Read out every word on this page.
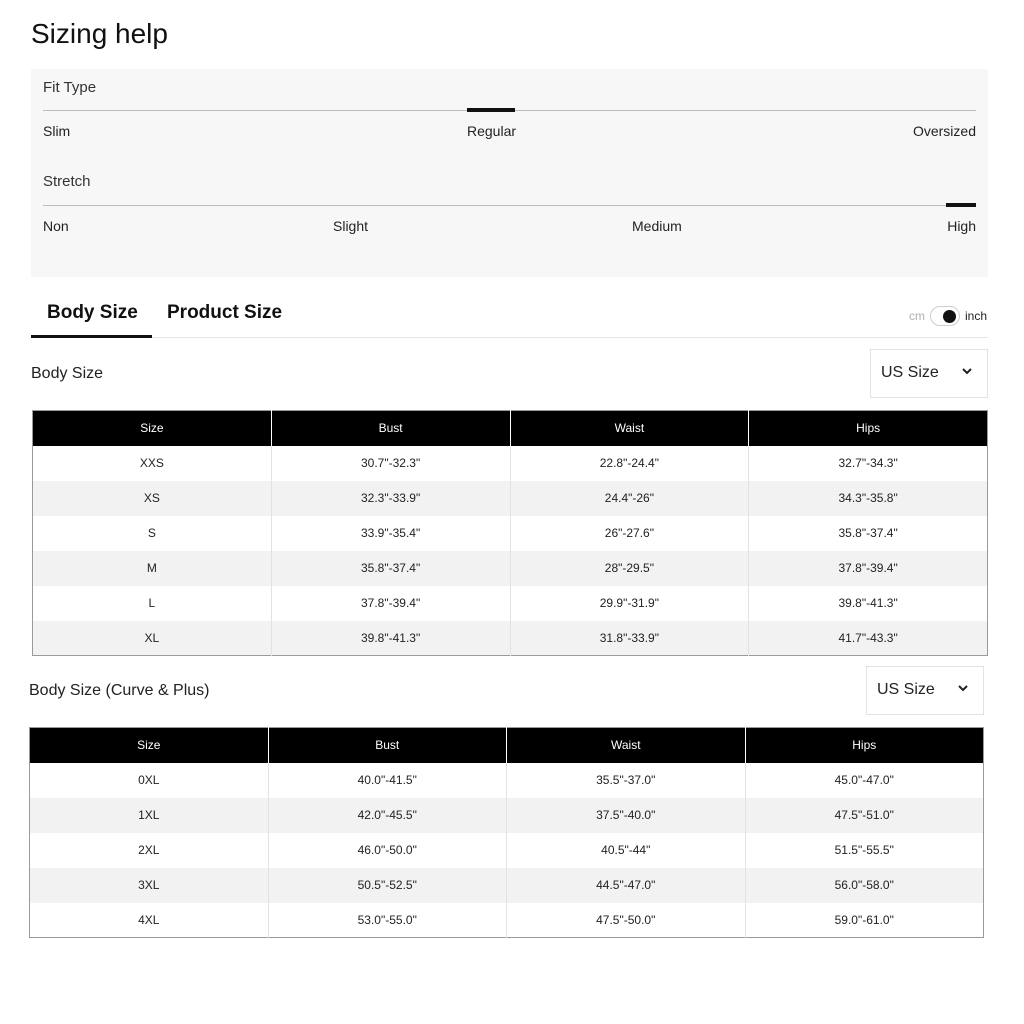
Sizing help
Fit Type
Slim	Regular	Oversized
Stretch
Non	Slight	Medium	High
Body Size Product Size	cm	inch
Body Size	US Size
Size	Bust	Waist	Hips
XXS	30.7"-32.3"	22.8"-24.4"	32.7"-34.3"
XS	32.3"-33.9"	24.4"-26"	34.3"-35.8"
S	33.9"-35.4"	26"-27.6"	35.8"-37.4"
M	35.8"-37.4"	28"-29.5"	37.8"-39.4"
L	37.8"-39.4"	29.9"-31.9"	39.8"-41.3"
XL	39.8"-41.3"	31.8"-33.9"	41.7"-43.3"
Body Size (Curve & Plus)	US Size
Size	Bust	Waist	Hips
0XL	40.0"-41.5"	35.5"-37.0"	45.0"-47.0"
1XL	42.0"-45.5"	37.5"-40.0"	47.5"-51.0"
2XL	46.0"-50.0"	40.5"-44"	51.5"-55.5"
3XL	50.5"-52.5"	44.5"-47.0"	56.0"-58.0"
4XL	53.0"-55.0"	47.5"-50.0"	59.0"-61.0"
